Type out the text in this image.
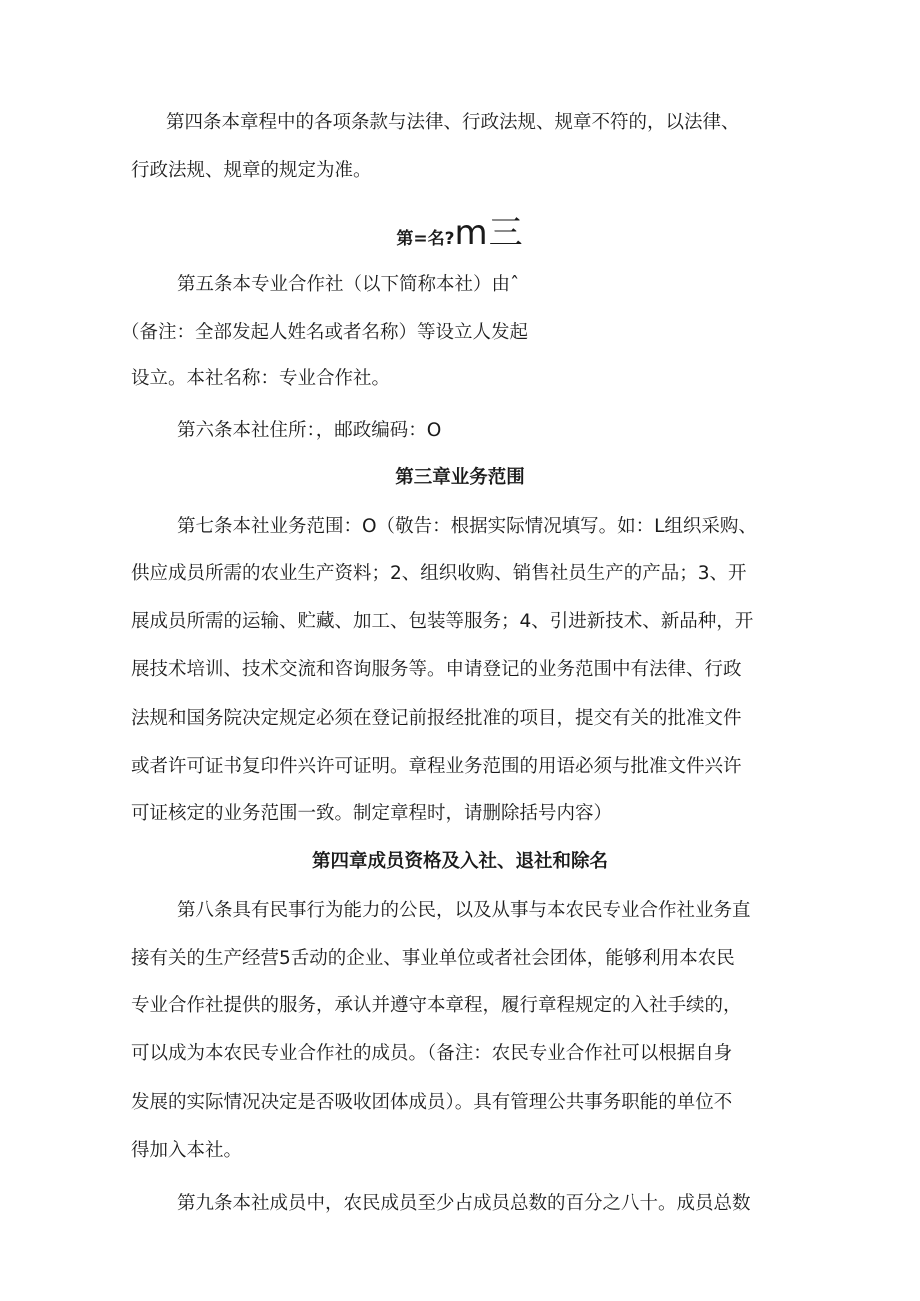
第四条本章程中的各项条款与法律、行政法规、规章不符的，以法律、

行政法规、规章的规定为准。

第=名?m三

第五条本专业合作社（以下简称本社）由ˆ

（备注：全部发起人姓名或者名称）等设立人发起

设立。本社名称：专业合作社。

第六条本社住所：，邮政编码：O

第三章业务范围

第七条本社业务范围：O（敬告：根据实际情况填写。如：L组织采购、

供应成员所需的农业生产资料；2、组织收购、销售社员生产的产品；3、开

展成员所需的运输、贮藏、加工、包装等服务；4、引进新技术、新品种，开

展技术培训、技术交流和咨询服务等。申请登记的业务范围中有法律、行政

法规和国务院决定规定必须在登记前报经批准的项目，提交有关的批准文件

或者许可证书复印件兴许可证明。章程业务范围的用语必须与批准文件兴许

可证核定的业务范围一致。制定章程时，请删除括号内容）

第四章成员资格及入社、退社和除名

第八条具有民事行为能力的公民，以及从事与本农民专业合作社业务直

接有关的生产经营5舌动的企业、事业单位或者社会团体，能够利用本农民

专业合作社提供的服务，承认并遵守本章程，履行章程规定的入社手续的，

可以成为本农民专业合作社的成员。（备注：农民专业合作社可以根据自身

发展的实际情况决定是否吸收团体成员）。具有管理公共事务职能的单位不

得加入本社。

第九条本社成员中，农民成员至少占成员总数的百分之八十。成员总数
